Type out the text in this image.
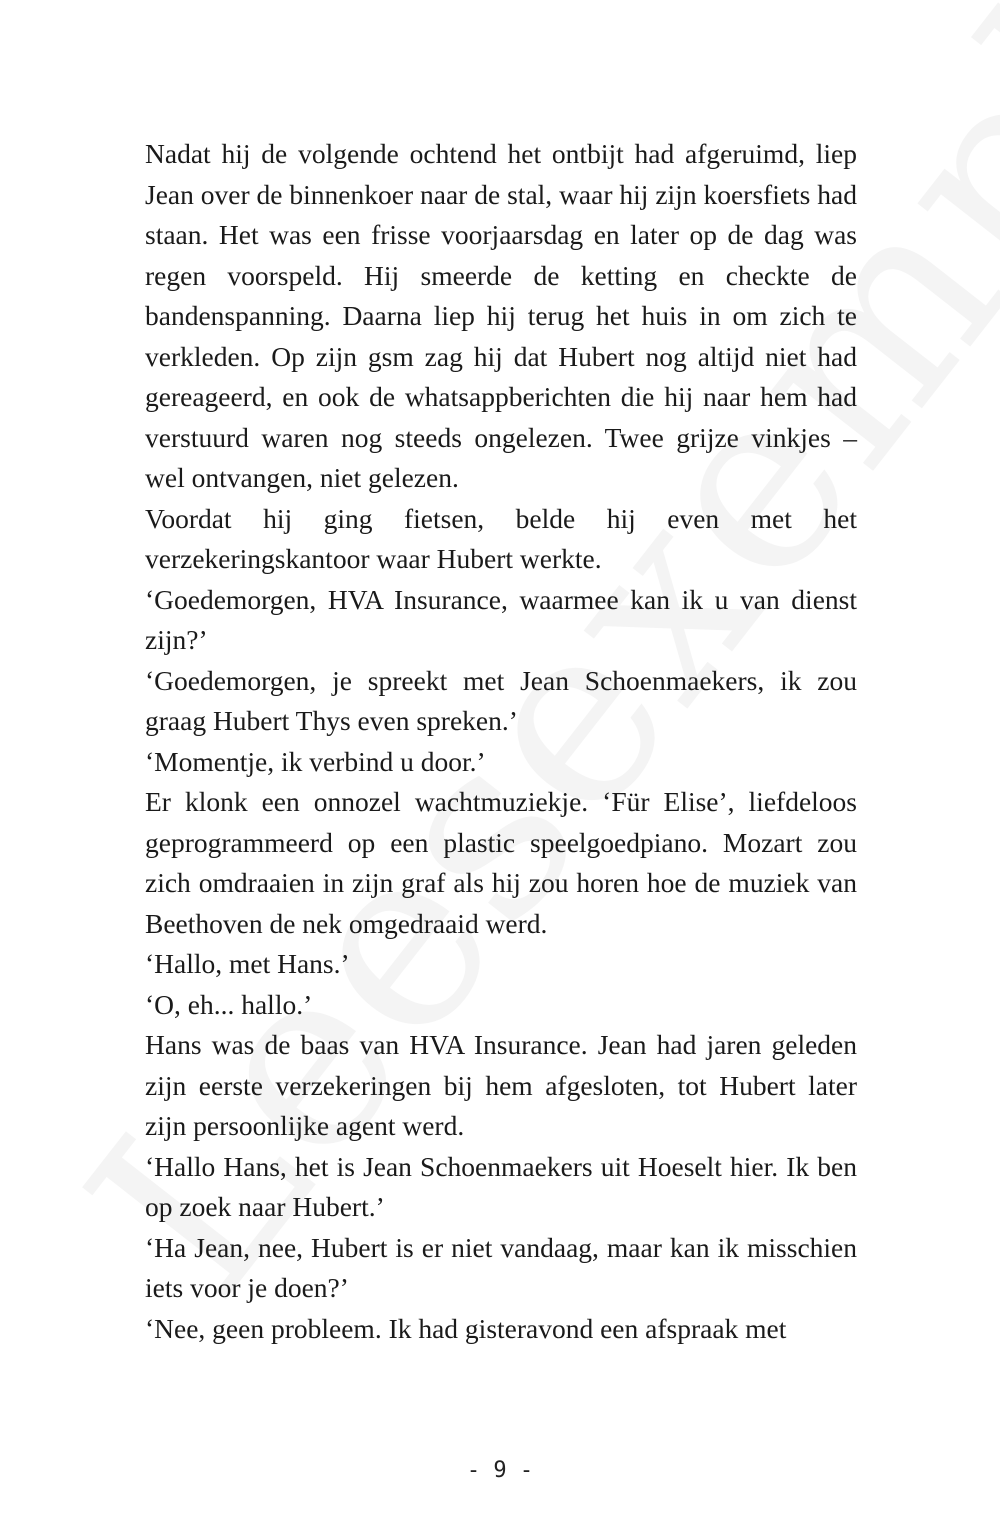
Nadat hij de volgende ochtend het ontbijt had afgeruimd, liep Jean over de binnenkoer naar de stal, waar hij zijn koersfiets had staan. Het was een frisse voorjaarsdag en later op de dag was regen voorspeld. Hij smeerde de ketting en checkte de bandenspanning. Daarna liep hij terug het huis in om zich te verkleden. Op zijn gsm zag hij dat Hubert nog altijd niet had gereageerd, en ook de whatsappberichten die hij naar hem had verstuurd waren nog steeds ongelezen. Twee grijze vinkjes – wel ontvangen, niet gelezen.

Voordat hij ging fietsen, belde hij even met het verzekeringskantoor waar Hubert werkte.

‘Goedemorgen, HVA Insurance, waarmee kan ik u van dienst zijn?’

‘Goedemorgen, je spreekt met Jean Schoenmaekers, ik zou graag Hubert Thys even spreken.’

‘Momentje, ik verbind u door.’

Er klonk een onnozel wachtmuziekje. ‘Für Elise’, liefdeloos geprogrammeerd op een plastic speelgoedpiano. Mozart zou zich omdraaien in zijn graf als hij zou horen hoe de muziek van Beethoven de nek omgedraaid werd.

‘Hallo, met Hans.’

‘O, eh... hallo.’

Hans was de baas van HVA Insurance. Jean had jaren geleden zijn eerste verzekeringen bij hem afgesloten, tot Hubert later zijn persoonlijke agent werd.

‘Hallo Hans, het is Jean Schoenmaekers uit Hoeselt hier. Ik ben op zoek naar Hubert.’

‘Ha Jean, nee, Hubert is er niet vandaag, maar kan ik misschien iets voor je doen?’

‘Nee, geen probleem. Ik had gisteravond een afspraak met

- 9 -
